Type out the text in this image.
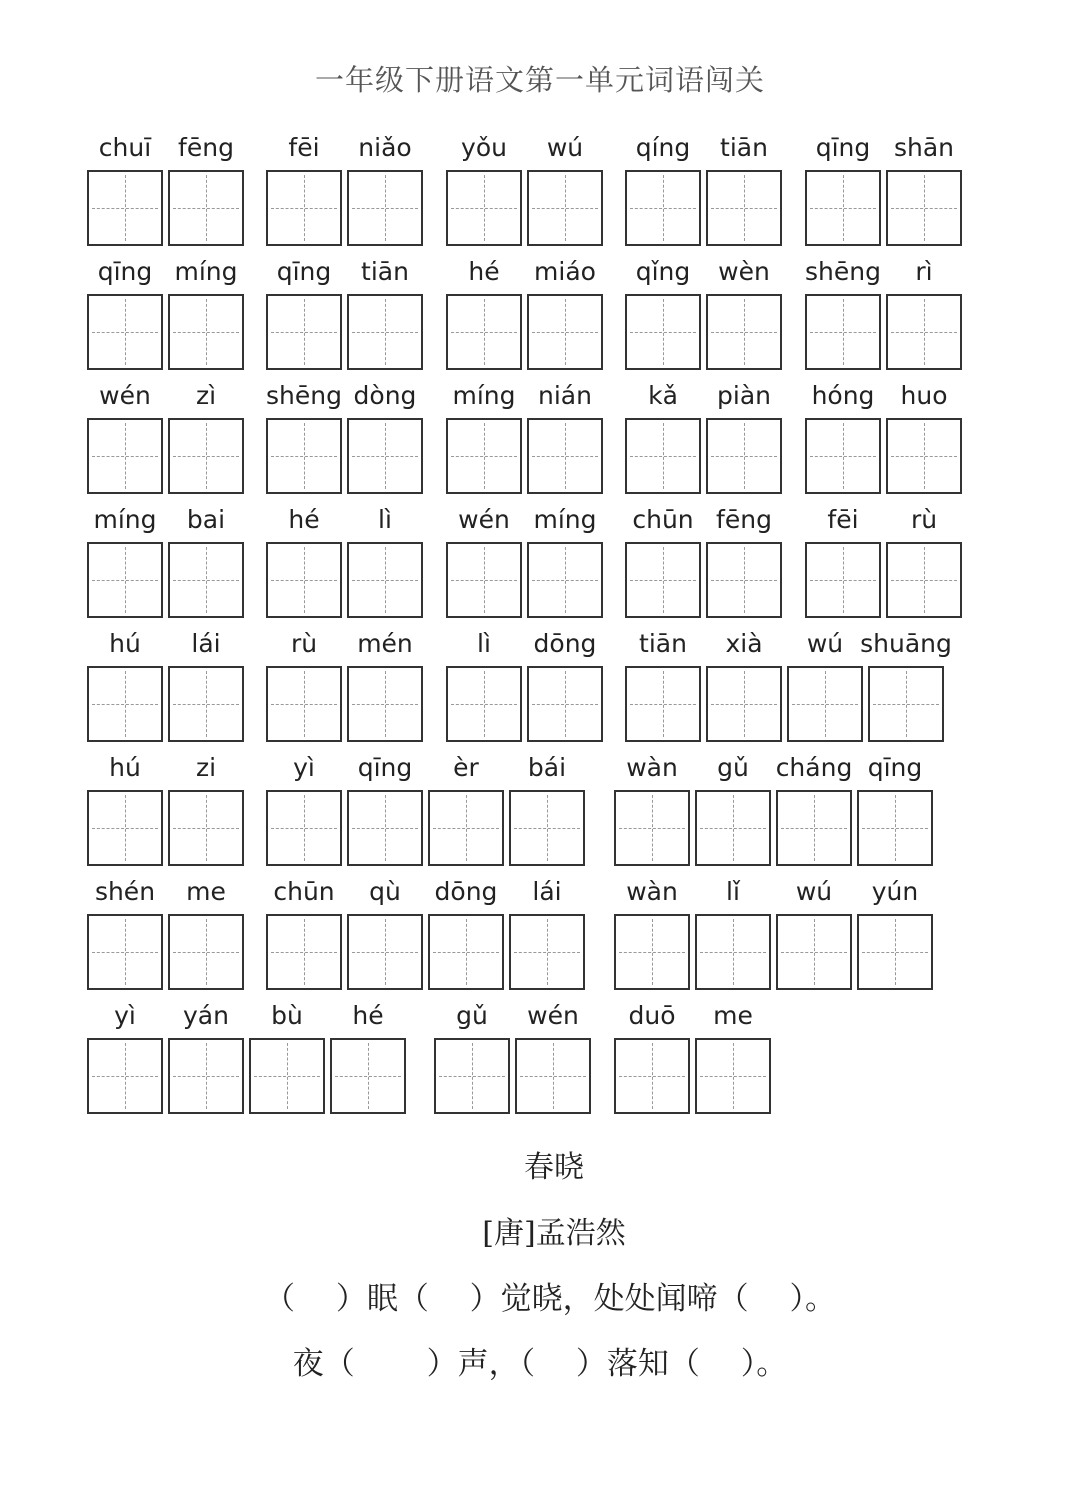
一年级下册语文第一单元词语闯关
chuī	fēng	fēi	niǎo	yǒu	wú	qíng	tiān	qīng shān
qīng míng	qīng	tiān	hé	miáo	qǐng	wèn	shēng	rì
wén	zì	shēng dòng	míng nián	kǎ	piàn	hóng	huo
míng	bai	hé	lì	wén míng	chūn fēng	fēi	rù
hú	lái	rù	mén	lì	dōng	tiān	xià	wú shuāng
hú	zi	yì	qīng	èr	bái	wàn	gǔ	cháng qīng
shén	me	chūn	qù	dōng	lái	wàn	lǐ	wú	yún
yì	yán	bù	hé	gǔ	wén	duō	me
春晓
[唐]孟浩然
（　 ）眠（　 ）觉晓，处处闻啼（　 ）。
夜（　　 ）声，（　 ）落知（　 ）。
